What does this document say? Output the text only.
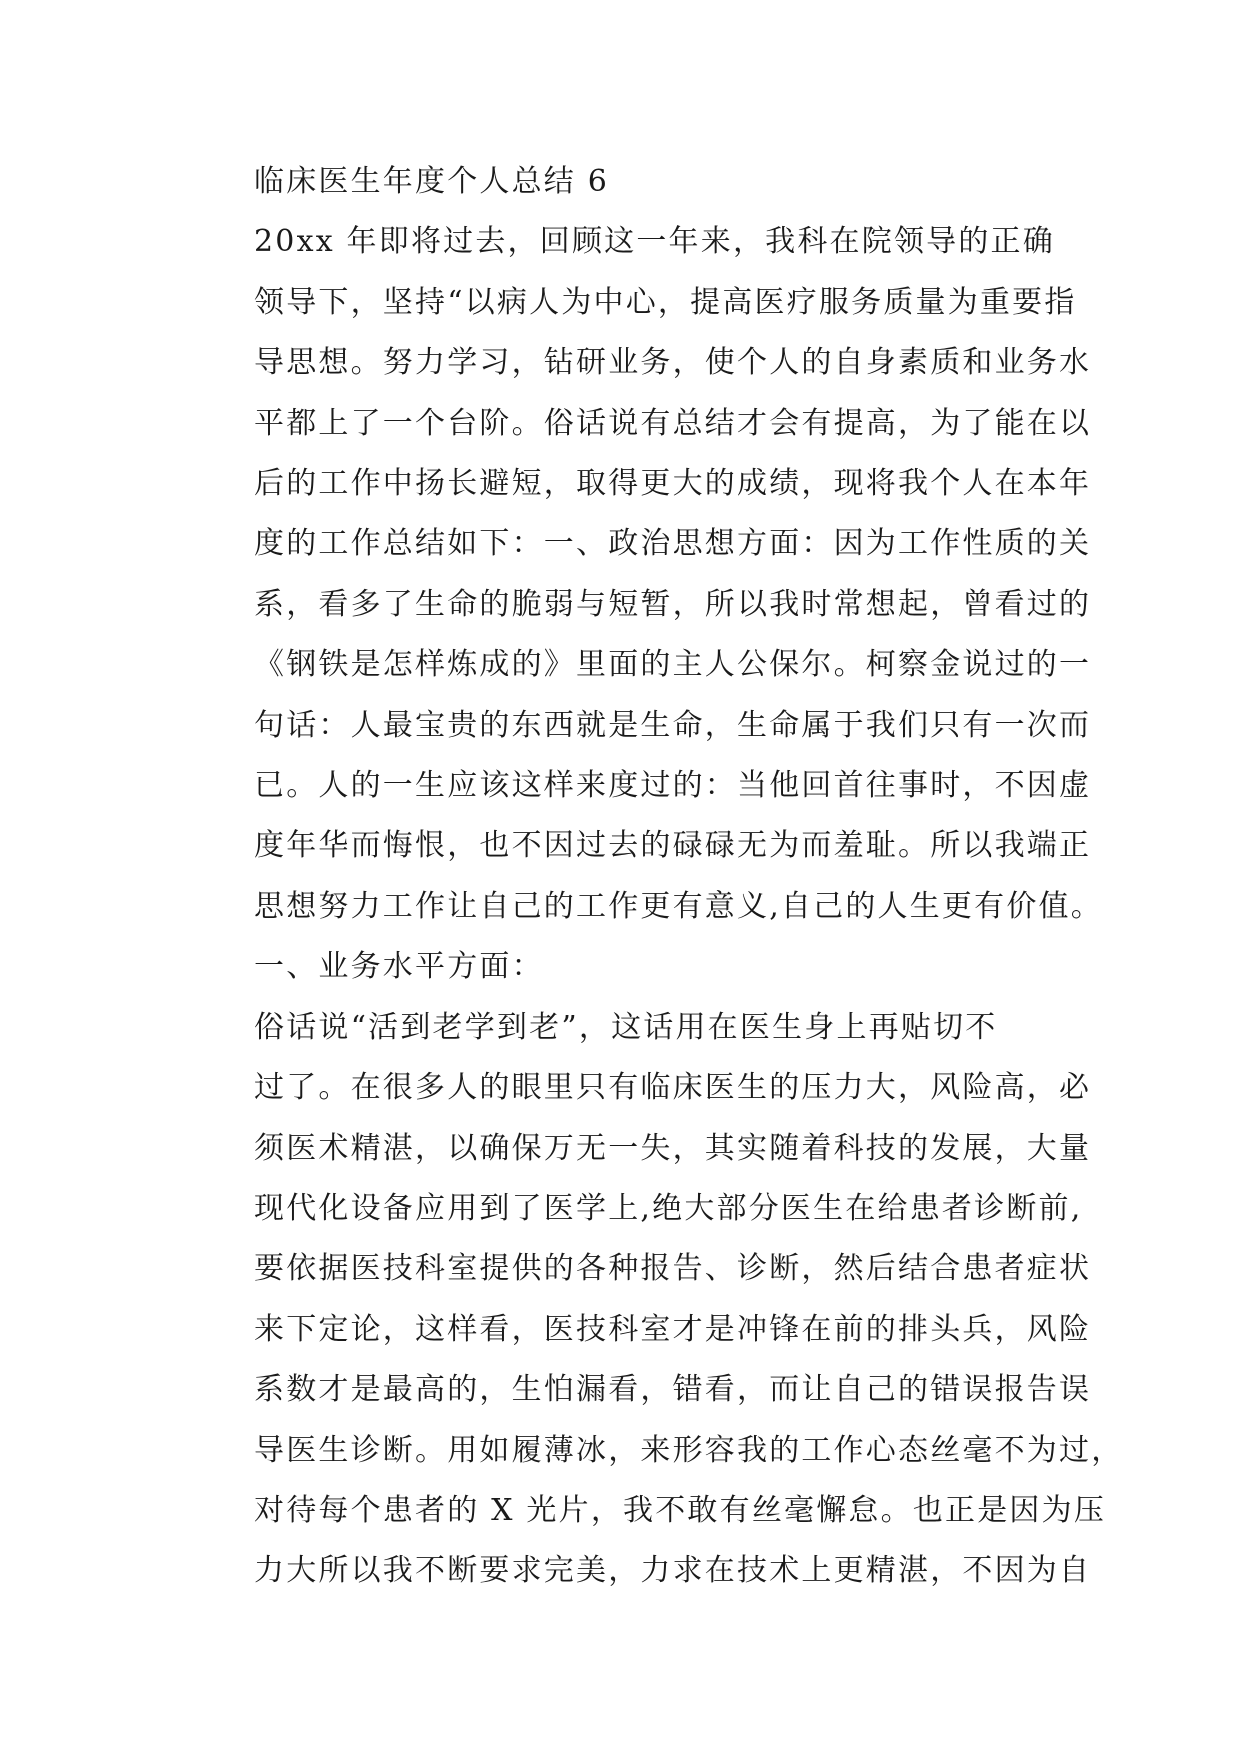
临床医生年度个人总结 6

20xx 年即将过去，回顾这一年来，我科在院领导的正确
领导下，坚持“以病人为中心，提高医疗服务质量为重要指
导思想。努力学习，钻研业务，使个人的自身素质和业务水
平都上了一个台阶。俗话说有总结才会有提高，为了能在以
后的工作中扬长避短，取得更大的成绩，现将我个人在本年
度的工作总结如下：一、政治思想方面：因为工作性质的关
系，看多了生命的脆弱与短暂，所以我时常想起，曾看过的
《钢铁是怎样炼成的》里面的主人公保尔。柯察金说过的一
句话：人最宝贵的东西就是生命，生命属于我们只有一次而
已。人的一生应该这样来度过的：当他回首往事时，不因虚
度年华而悔恨，也不因过去的碌碌无为而羞耻。所以我端正
思想努力工作让自己的工作更有意义,自己的人生更有价值。

一、业务水平方面：

俗话说“活到老学到老”，这话用在医生身上再贴切不
过了。在很多人的眼里只有临床医生的压力大，风险高，必
须医术精湛，以确保万无一失，其实随着科技的发展，大量
现代化设备应用到了医学上,绝大部分医生在给患者诊断前,
要依据医技科室提供的各种报告、诊断，然后结合患者症状
来下定论，这样看，医技科室才是冲锋在前的排头兵，风险
系数才是最高的，生怕漏看，错看，而让自己的错误报告误
导医生诊断。用如履薄冰，来形容我的工作心态丝毫不为过，
对待每个患者的 X 光片，我不敢有丝毫懈怠。也正是因为压
力大所以我不断要求完美，力求在技术上更精湛，不因为自
